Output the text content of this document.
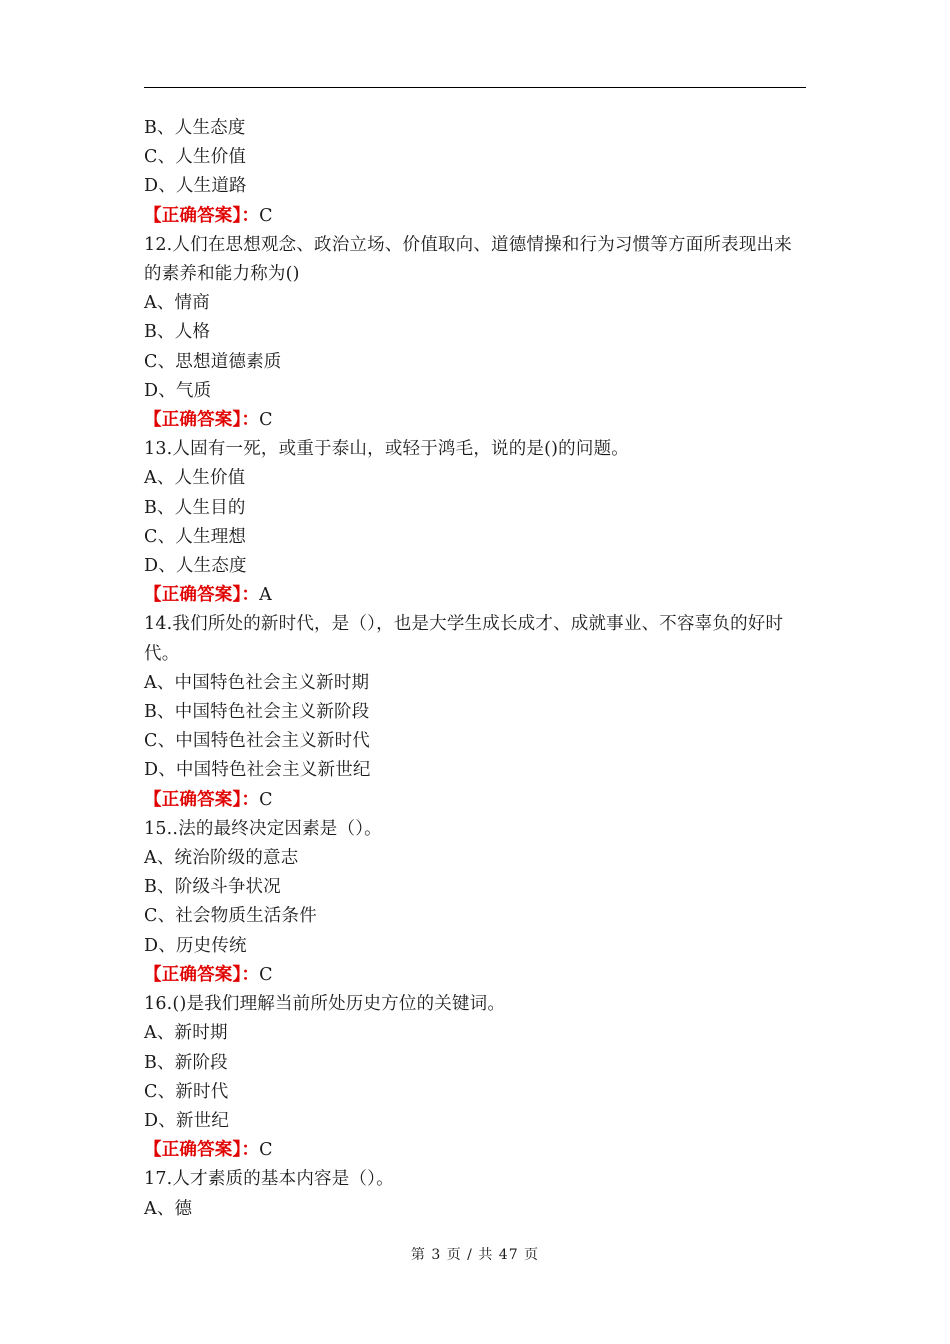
B、人生态度
C、人生价值
D、人生道路
【正确答案】：C
12.人们在思想观念、政治立场、价值取向、道德情操和行为习惯等方面所表现出来的素养和能力称为()
A、情商
B、人格
C、思想道德素质
D、气质
【正确答案】：C
13.人固有一死，或重于泰山，或轻于鸿毛，说的是()的问题。
A、人生价值
B、人生目的
C、人生理想
D、人生态度
【正确答案】：A
14.我们所处的新时代，是（），也是大学生成长成才、成就事业、不容辜负的好时代。
A、中国特色社会主义新时期
B、中国特色社会主义新阶段
C、中国特色社会主义新时代
D、中国特色社会主义新世纪
【正确答案】：C
15..法的最终决定因素是（）。
A、统治阶级的意志
B、阶级斗争状况
C、社会物质生活条件
D、历史传统
【正确答案】：C
16.()是我们理解当前所处历史方位的关键词。
A、新时期
B、新阶段
C、新时代
D、新世纪
【正确答案】：C
17.人才素质的基本内容是（）。
A、德
第 3 页 / 共 47 页
